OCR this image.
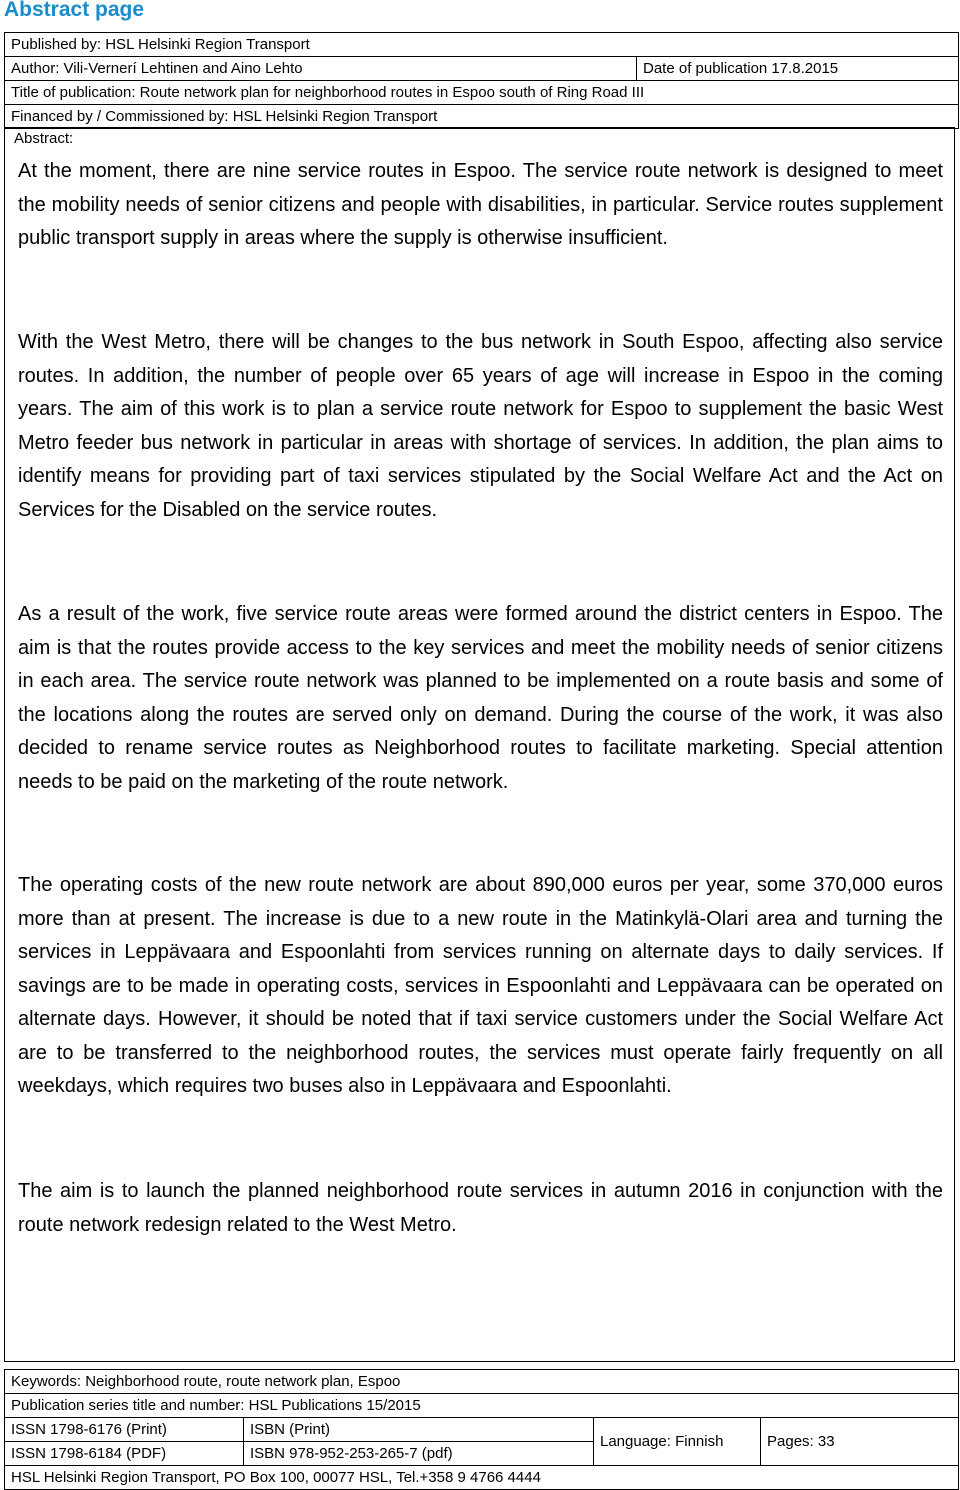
Abstract page
Published by: HSL Helsinki Region Transport
Author: Vili-Vernerí Lehtinen and Aino Lehto	Date of publication 17.8.2015
Title of publication: Route network plan for neighborhood routes in Espoo south of Ring Road III
Financed by / Commissioned by: HSL Helsinki Region Transport
Abstract:

At the moment, there are nine service routes in Espoo. The service route network is designed to meet the mobility needs of senior citizens and people with disabilities, in particular. Service routes supplement public transport supply in areas where the supply is otherwise insufficient.

With the West Metro, there will be changes to the bus network in South Espoo, affecting also service routes. In addition, the number of people over 65 years of age will increase in Espoo in the coming years. The aim of this work is to plan a service route network for Espoo to supplement the basic West Metro feeder bus network in particular in areas with shortage of services. In addition, the plan aims to identify means for providing part of taxi services stipulated by the Social Welfare Act and the Act on Services for the Disabled on the service routes.

As a result of the work, five service route areas were formed around the district centers in Espoo. The aim is that the routes provide access to the key services and meet the mobility needs of senior citizens in each area. The service route network was planned to be implemented on a route basis and some of the locations along the routes are served only on demand. During the course of the work, it was also decided to rename service routes as Neighborhood routes to facilitate marketing. Special attention needs to be paid on the marketing of the route network.

The operating costs of the new route network are about 890,000 euros per year, some 370,000 euros more than at present. The increase is due to a new route in the Matinkylä-Olari area and turning the services in Leppävaara and Espoonlahti from services running on alternate days to daily services. If savings are to be made in operating costs, services in Espoonlahti and Leppävaara can be operated on alternate days. However, it should be noted that if taxi service customers under the Social Welfare Act are to be transferred to the neighborhood routes, the services must operate fairly frequently on all weekdays, which requires two buses also in Leppävaara and Espoonlahti.

The aim is to launch the planned neighborhood route services in autumn 2016 in conjunction with the route network redesign related to the West Metro.

Keywords: Neighborhood route, route network plan, Espoo
Publication series title and number: HSL Publications 15/2015
ISSN 1798-6176 (Print)	ISBN (Print)	Language: Finnish	Pages: 33
ISSN 1798-6184 (PDF)	ISBN 978-952-253-265-7 (pdf)		
HSL Helsinki Region Transport, PO Box 100, 00077 HSL, Tel.+358 9 4766 4444
